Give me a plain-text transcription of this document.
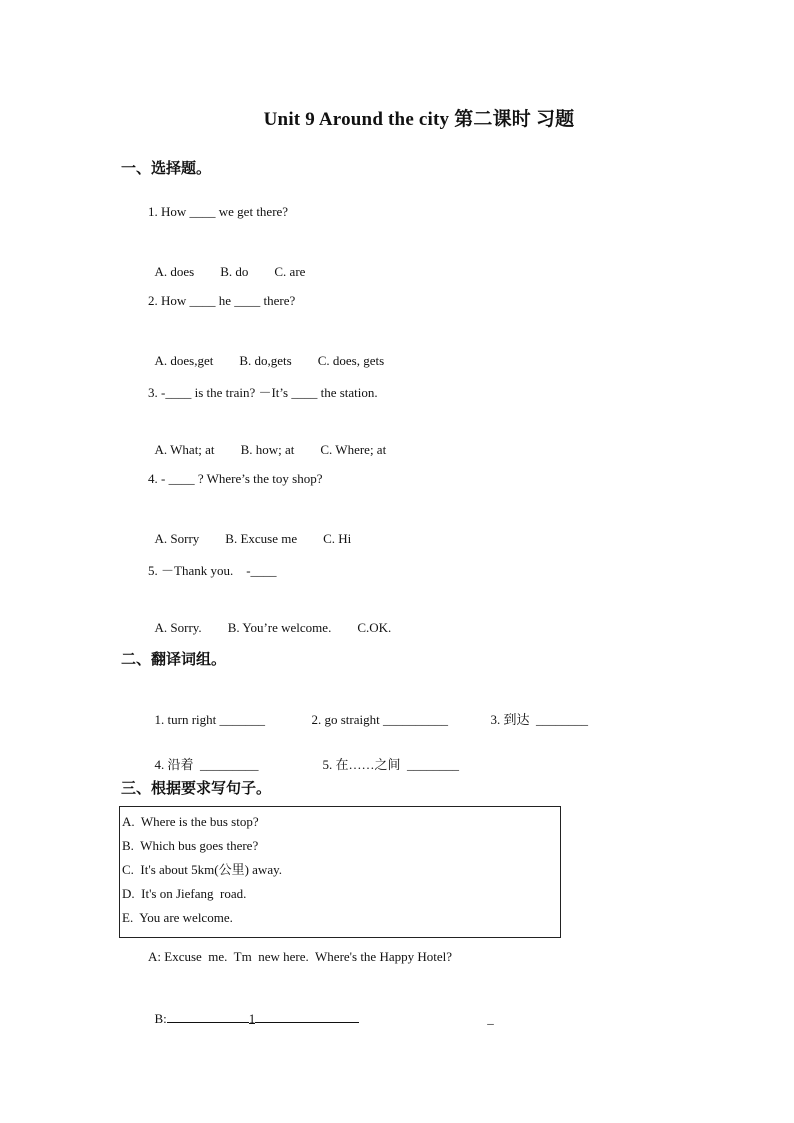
Unit 9 Around the city 第二课时 习题
一、选择题。
1. How ____ we get there?

A. does B. do C. are

2. How ____ he ____ there?

A. does,get B. do,gets C. does, gets

3. -____ is the train? －It’s ____ the station.

A. What; at B. how; at C. Where; at

4. - ____ ? Where’s the toy shop?

A. Sorry B. Excuse me C. Hi

5. －Thank you.    -____

A. Sorry. B. You’re welcome. C.OK.

二、翻译词组。

1. turn right _______	2. go straight __________	3. 到达  ________

4. 沿着  _________	5. 在……之间  ________

三、根据要求写句子。
A.  Where is the bus stop?
B.  Which bus goes there?
C.  It's about 5km(公里) away.
D.  It's on Jiefang  road.
E.  You are welcome.
A: Excuse  me.  Tm  new here.  Where's the Happy Hotel?

B:	1	_
